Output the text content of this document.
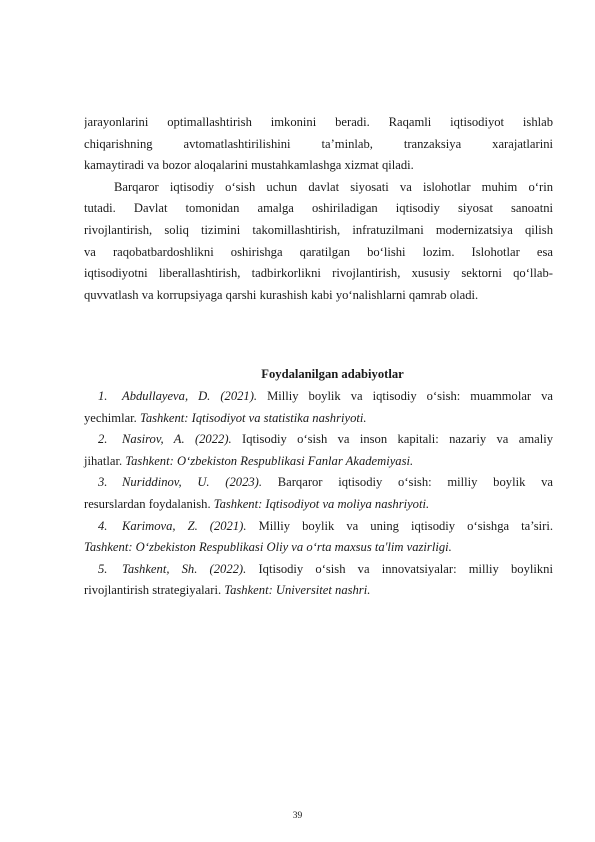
jarayonlarini optimallashtirish imkonini beradi. Raqamli iqtisodiyot ishlab

chiqarishning avtomatlashtirilishini ta’minlab, tranzaksiya xarajatlarini

kamaytiradi va bozor aloqalarini mustahkamlashga xizmat qiladi.

Barqaror iqtisodiy o‘sish uchun davlat siyosati va islohotlar muhim o‘rin

tutadi. Davlat tomonidan amalga oshiriladigan iqtisodiy siyosat sanoatni

rivojlantirish, soliq tizimini takomillashtirish, infratuzilmani modernizatsiya qilish

va raqobatbardoshlikni oshirishga qaratilgan bo‘lishi lozim. Islohotlar esa

iqtisodiyotni liberallashtirish, tadbirkorlikni rivojlantirish, xususiy sektorni qo‘llab-

quvvatlash va korrupsiyaga qarshi kurashish kabi yo‘nalishlarni qamrab oladi.

Foydalanilgan adabiyotlar

1. Abdullayeva, D. (2021). Milliy boylik va iqtisodiy o‘sish: muammolar va

yechimlar. Tashkent: Iqtisodiyot va statistika nashriyoti.

2. Nasirov, A. (2022). Iqtisodiy o‘sish va inson kapitali: nazariy va amaliy

jihatlar. Tashkent: O‘zbekiston Respublikasi Fanlar Akademiyasi.

3. Nuriddinov, U. (2023). Barqaror iqtisodiy o‘sish: milliy boylik va

resurslardan foydalanish. Tashkent: Iqtisodiyot va moliya nashriyoti.

4. Karimova, Z. (2021). Milliy boylik va uning iqtisodiy o‘sishga ta’siri.

Tashkent: O‘zbekiston Respublikasi Oliy va o‘rta maxsus ta'lim vazirligi.

5. Tashkent, Sh. (2022). Iqtisodiy o‘sish va innovatsiyalar: milliy boylikni

rivojlantirish strategiyalari. Tashkent: Universitet nashri.

39
